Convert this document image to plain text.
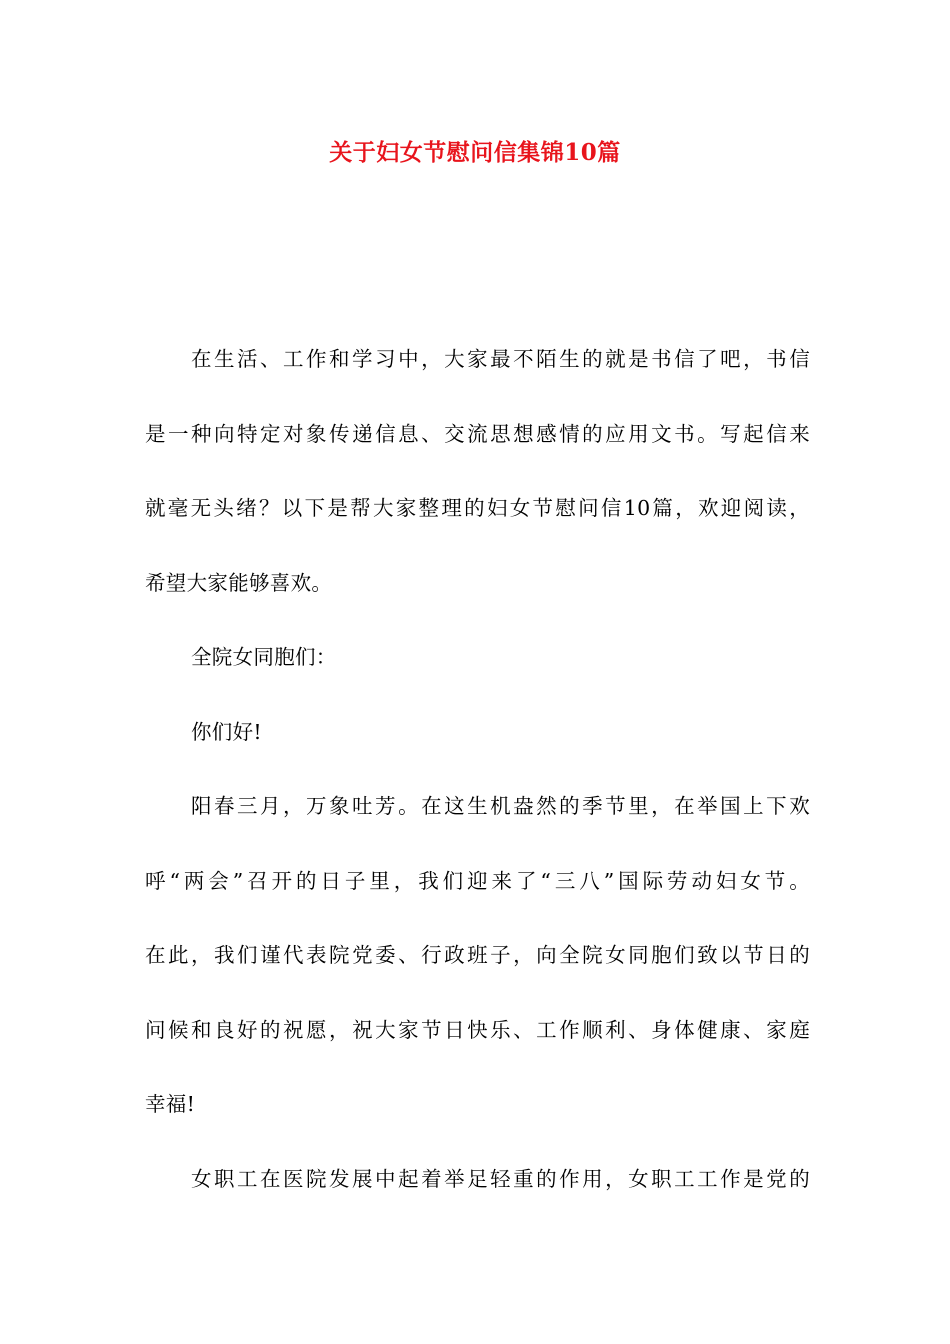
关于妇女节慰问信集锦10篇
在生活、工作和学习中，大家最不陌生的就是书信了吧，书信
是一种向特定对象传递信息、交流思想感情的应用文书。写起信来
就毫无头绪？以下是帮大家整理的妇女节慰问信10篇，欢迎阅读，
希望大家能够喜欢。
全院女同胞们：
你们好!
阳春三月，万象吐芳。在这生机盎然的季节里，在举国上下欢
呼“两会”召开的日子里，我们迎来了“三八”国际劳动妇女节。
在此，我们谨代表院党委、行政班子，向全院女同胞们致以节日的
问候和良好的祝愿，祝大家节日快乐、工作顺利、身体健康、家庭
幸福!
女职工在医院发展中起着举足轻重的作用，女职工工作是党的
